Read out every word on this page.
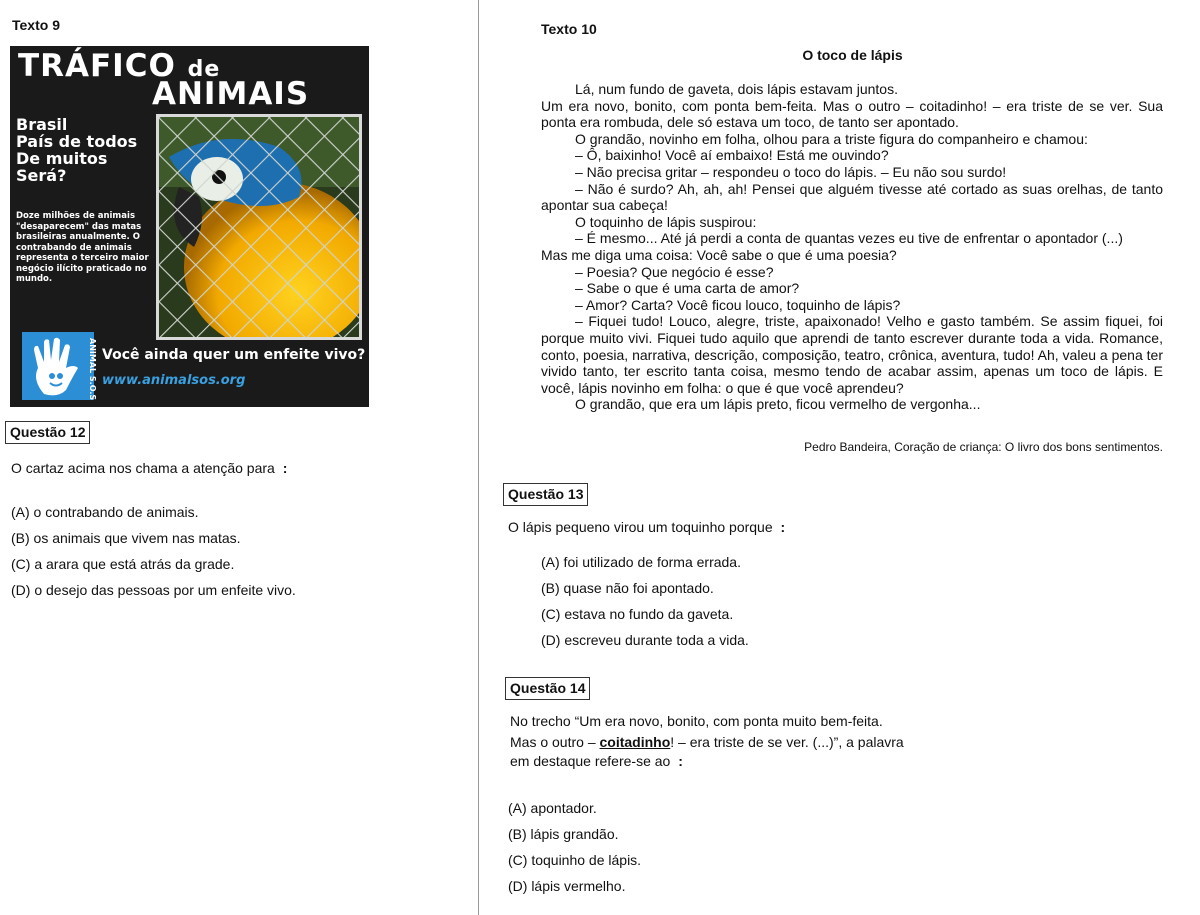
Texto 9
TRÁFICO de
ANIMAIS
Brasil
País de todos
De muitos
Será?
Doze milhões de animais "desaparecem" das matas brasileiras anualmente. O contrabando de animais representa o terceiro maior negócio ilícito praticado no mundo.
ANIMAL S.O.S Você ainda quer um enfeite vivo?
www.animalsos.org
Questão 12
O cartaz acima nos chama a atenção para :
(A) o contrabando de animais.
(B) os animais que vivem nas matas.
(C) a arara que está atrás da grade.
(D) o desejo das pessoas por um enfeite vivo.
Texto 10
O toco de lápis
Lá, num fundo de gaveta, dois lápis estavam juntos.
Um era novo, bonito, com ponta bem-feita. Mas o outro – coitadinho! – era triste de se ver. Sua ponta era rombuda, dele só estava um toco, de tanto ser apontado.
O grandão, novinho em folha, olhou para a triste figura do companheiro e chamou:
– Ô, baixinho! Você aí embaixo! Está me ouvindo?
– Não precisa gritar – respondeu o toco do lápis. – Eu não sou surdo!
– Não é surdo? Ah, ah, ah! Pensei que alguém tivesse até cortado as suas orelhas, de tanto apontar sua cabeça!
O toquinho de lápis suspirou:
– É mesmo... Até já perdi a conta de quantas vezes eu tive de enfrentar o apontador (...)
Mas me diga uma coisa: Você sabe o que é uma poesia?
– Poesia? Que negócio é esse?
– Sabe o que é uma carta de amor?
– Amor? Carta? Você ficou louco, toquinho de lápis?
– Fiquei tudo! Louco, alegre, triste, apaixonado! Velho e gasto também. Se assim fiquei, foi porque muito vivi. Fiquei tudo aquilo que aprendi de tanto escrever durante toda a vida. Romance, conto, poesia, narrativa, descrição, composição, teatro, crônica, aventura, tudo! Ah, valeu a pena ter vivido tanto, ter escrito tanta coisa, mesmo tendo de acabar assim, apenas um toco de lápis. E você, lápis novinho em folha: o que é que você aprendeu?
O grandão, que era um lápis preto, ficou vermelho de vergonha...
Pedro Bandeira, Coração de criança: O livro dos bons sentimentos.
Questão 13
O lápis pequeno virou um toquinho porque :
(A) foi utilizado de forma errada.
(B) quase não foi apontado.
(C) estava no fundo da gaveta.
(D) escreveu durante toda a vida.
Questão 14
No trecho “Um era novo, bonito, com ponta muito bem-feita.
Mas o outro – coitadinho! – era triste de se ver. (...)”, a palavra
em destaque refere-se ao :
(A) apontador.
(B) lápis grandão.
(C) toquinho de lápis.
(D) lápis vermelho.
